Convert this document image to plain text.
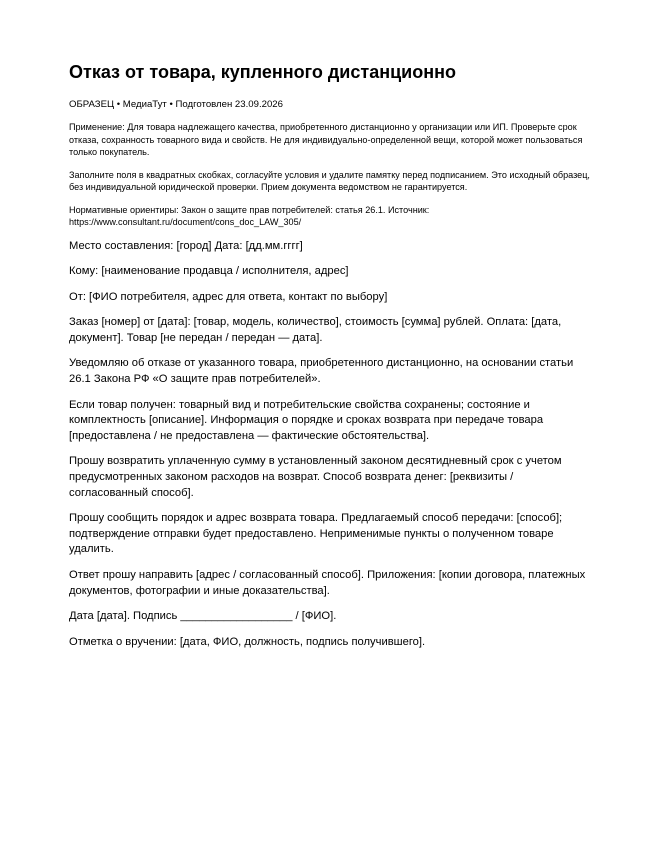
Отказ от товара, купленного дистанционно

ОБРАЗЕЦ • МедиаТут • Подготовлен 23.09.2026

Применение: Для товара надлежащего качества, приобретенного дистанционно у организации или ИП. Проверьте срок отказа, сохранность товарного вида и свойств. Не для индивидуально-определенной вещи, которой может пользоваться только покупатель.

Заполните поля в квадратных скобках, согласуйте условия и удалите памятку перед подписанием. Это исходный образец, без индивидуальной юридической проверки. Прием документа ведомством не гарантируется.

Нормативные ориентиры: Закон о защите прав потребителей: статья 26.1. Источник: https://www.consultant.ru/document/cons_doc_LAW_305/

Место составления: [город] Дата: [дд.мм.гггг]

Кому: [наименование продавца / исполнителя, адрес]

От: [ФИО потребителя, адрес для ответа, контакт по выбору]

Заказ [номер] от [дата]: [товар, модель, количество], стоимость [сумма] рублей. Оплата: [дата, документ]. Товар [не передан / передан — дата].

Уведомляю об отказе от указанного товара, приобретенного дистанционно, на основании статьи 26.1 Закона РФ «О защите прав потребителей».

Если товар получен: товарный вид и потребительские свойства сохранены; состояние и комплектность [описание]. Информация о порядке и сроках возврата при передаче товара [предоставлена / не предоставлена — фактические обстоятельства].

Прошу возвратить уплаченную сумму в установленный законом десятидневный срок с учетом предусмотренных законом расходов на возврат. Способ возврата денег: [реквизиты / согласованный способ].

Прошу сообщить порядок и адрес возврата товара. Предлагаемый способ передачи: [способ]; подтверждение отправки будет предоставлено. Неприменимые пункты о полученном товаре удалить.

Ответ прошу направить [адрес / согласованный способ]. Приложения: [копии договора, платежных документов, фотографии и иные доказательства].

Дата [дата]. Подпись __________________ / [ФИО].

Отметка о вручении: [дата, ФИО, должность, подпись получившего].
